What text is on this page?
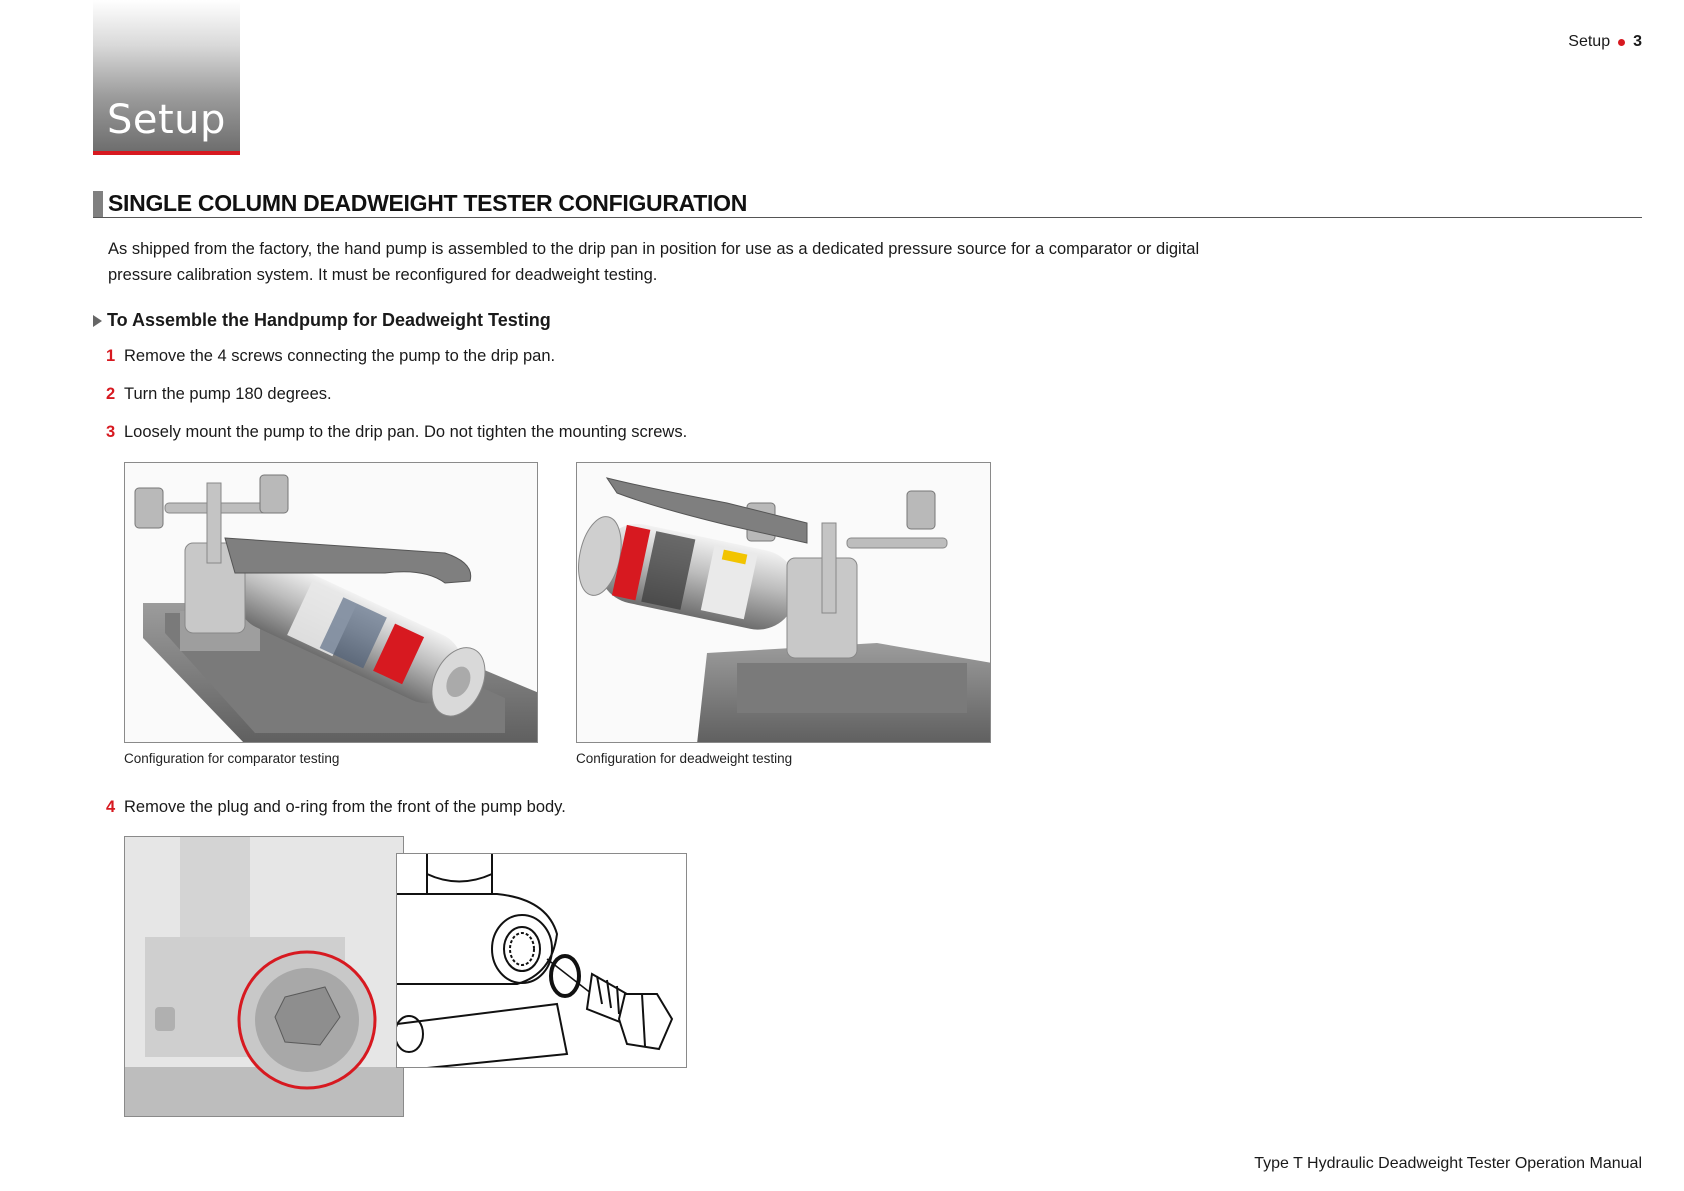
Setup
Setup 3
SINGLE COLUMN DEADWEIGHT TESTER CONFIGURATION

As shipped from the factory, the hand pump is assembled to the drip pan in position for use as a dedicated pressure source for a comparator or digital pressure calibration system. It must be reconfigured for deadweight testing.

To Assemble the Handpump for Deadweight Testing
1 Remove the 4 screws connecting the pump to the drip pan.
2 Turn the pump 180 degrees.
3 Loosely mount the pump to the drip pan. Do not tighten the mounting screws.
Configuration for comparator testing	Configuration for deadweight testing
4 Remove the plug and o-ring from the front of the pump body.
Type T Hydraulic Deadweight Tester Operation Manual
